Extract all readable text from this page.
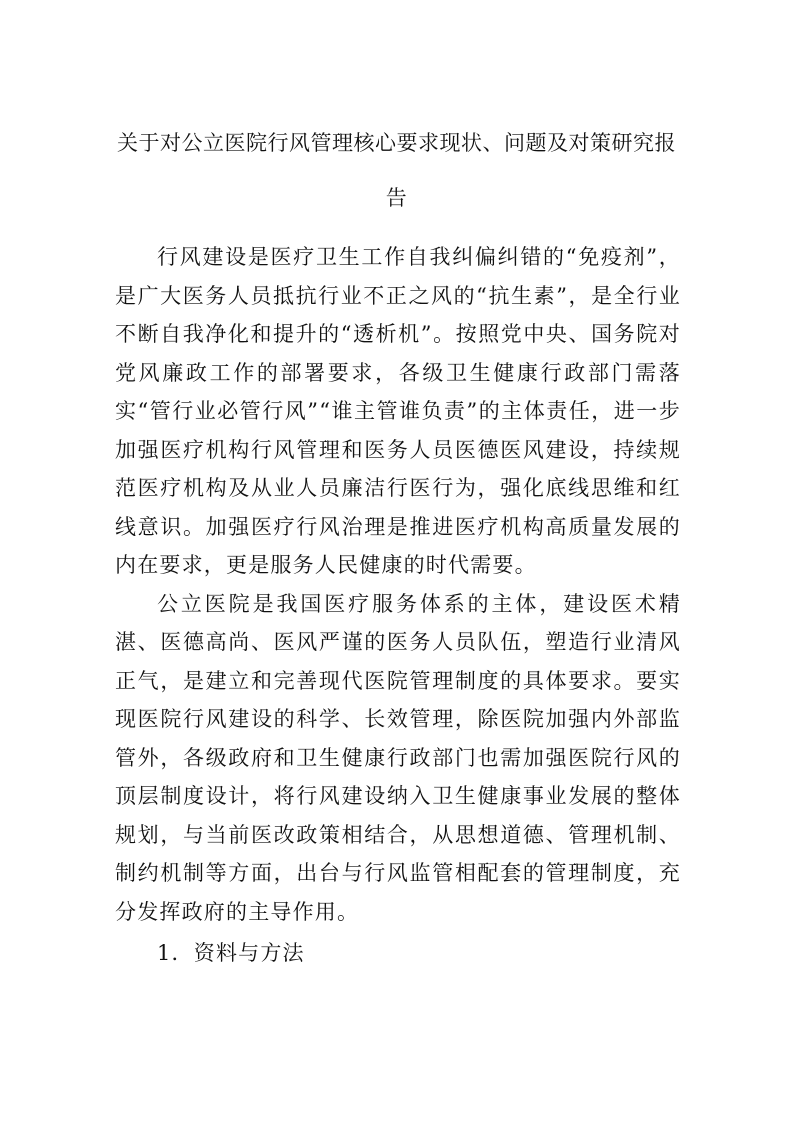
关于对公立医院行风管理核心要求现状、问题及对策研究报告

行风建设是医疗卫生工作自我纠偏纠错的“免疫剂”，是广大医务人员抵抗行业不正之风的“抗生素”，是全行业不断自我净化和提升的“透析机”。按照党中央、国务院对党风廉政工作的部署要求，各级卫生健康行政部门需落实“管行业必管行风”“谁主管谁负责”的主体责任，进一步加强医疗机构行风管理和医务人员医德医风建设，持续规范医疗机构及从业人员廉洁行医行为，强化底线思维和红线意识。加强医疗行风治理是推进医疗机构高质量发展的内在要求，更是服务人民健康的时代需要。

公立医院是我国医疗服务体系的主体，建设医术精湛、医德高尚、医风严谨的医务人员队伍，塑造行业清风正气，是建立和完善现代医院管理制度的具体要求。要实现医院行风建设的科学、长效管理，除医院加强内外部监管外，各级政府和卫生健康行政部门也需加强医院行风的顶层制度设计，将行风建设纳入卫生健康事业发展的整体规划，与当前医改政策相结合，从思想道德、管理机制、制约机制等方面，出台与行风监管相配套的管理制度，充分发挥政府的主导作用。

1．资料与方法
